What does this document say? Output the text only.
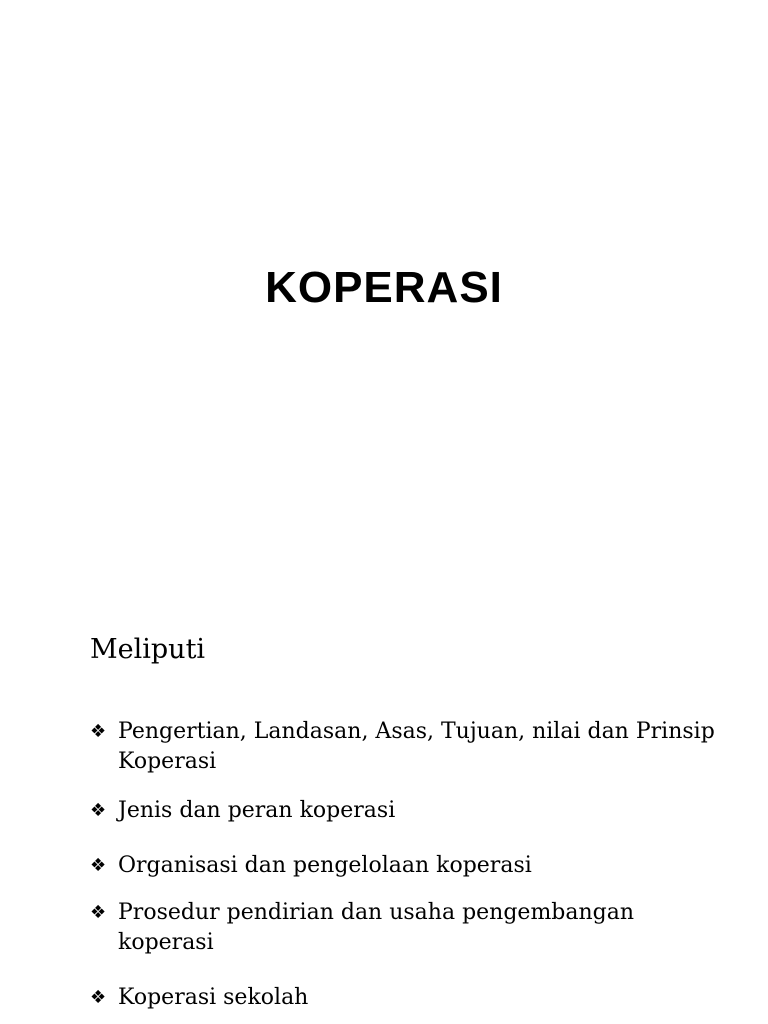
KOPERASI
Meliputi
❖ Pengertian, Landasan, Asas, Tujuan, nilai dan Prinsip Koperasi
❖ Jenis dan peran koperasi
❖ Organisasi dan pengelolaan koperasi
❖ Prosedur pendirian dan usaha pengembangan koperasi
❖ Koperasi sekolah
